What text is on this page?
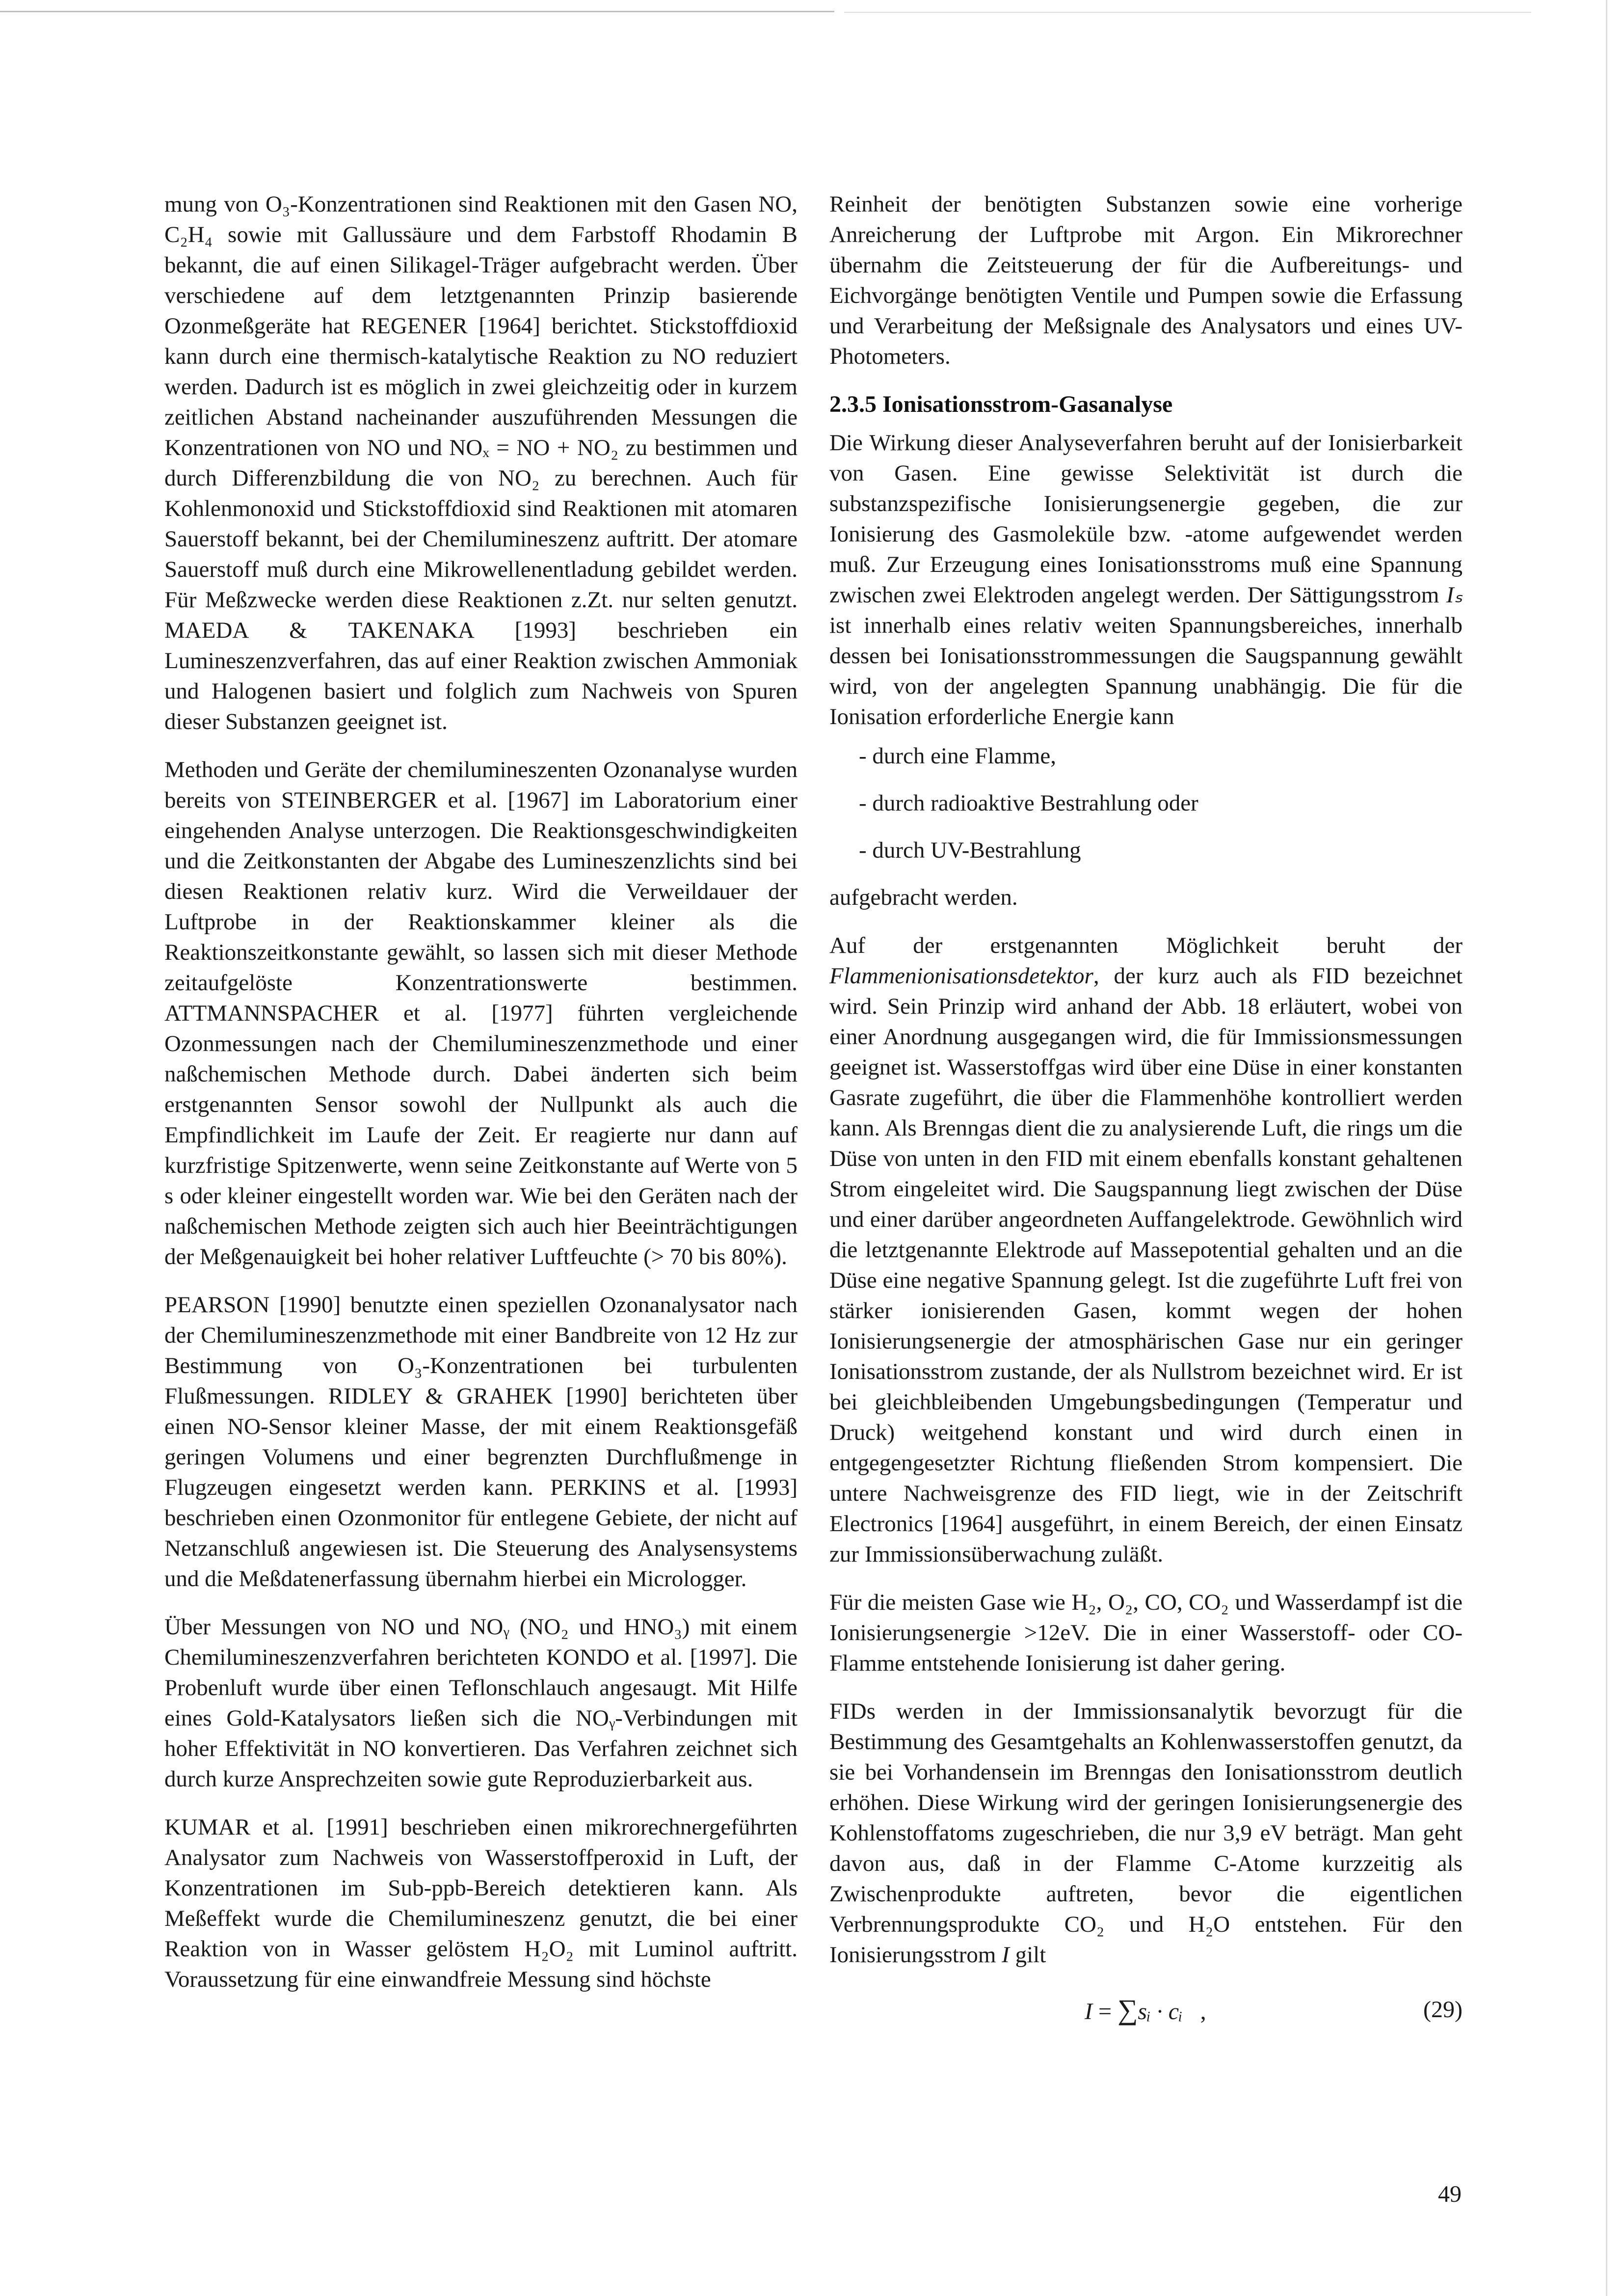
mung von O₃-Konzentrationen sind Reaktionen mit den Gasen NO, C₂H₄ sowie mit Gallussäure und dem Farbstoff Rhodamin B bekannt, die auf einen Silikagel-Träger aufgebracht werden. Über verschiedene auf dem letztgenannten Prinzip basierende Ozonmeßgeräte hat REGENER [1964] berichtet. Stickstoffdioxid kann durch eine thermisch-katalytische Reaktion zu NO reduziert werden. Dadurch ist es möglich in zwei gleichzeitig oder in kurzem zeitlichen Abstand nacheinander auszuführenden Messungen die Konzentrationen von NO und NOₓ = NO + NO₂ zu bestimmen und durch Differenzbildung die von NO₂ zu berechnen. Auch für Kohlenmonoxid und Stickstoffdioxid sind Reaktionen mit atomaren Sauerstoff bekannt, bei der Chemilumineszenz auftritt. Der atomare Sauerstoff muß durch eine Mikrowellenentladung gebildet werden. Für Meßzwecke werden diese Reaktionen z.Zt. nur selten genutzt. MAEDA & TAKENAKA [1993] beschrieben ein Lumineszenzverfahren, das auf einer Reaktion zwischen Ammoniak und Halogenen basiert und folglich zum Nachweis von Spuren dieser Substanzen geeignet ist.

Methoden und Geräte der chemilumineszenten Ozonanalyse wurden bereits von STEINBERGER et al. [1967] im Laboratorium einer eingehenden Analyse unterzogen. Die Reaktionsgeschwindigkeiten und die Zeitkonstanten der Abgabe des Lumineszenzlichts sind bei diesen Reaktionen relativ kurz. Wird die Verweildauer der Luftprobe in der Reaktionskammer kleiner als die Reaktionszeitkonstante gewählt, so lassen sich mit dieser Methode zeitaufgelöste Konzentrationswerte bestimmen. ATTMANNSPACHER et al. [1977] führten vergleichende Ozonmessungen nach der Chemilumineszenzmethode und einer naßchemischen Methode durch. Dabei änderten sich beim erstgenannten Sensor sowohl der Nullpunkt als auch die Empfindlichkeit im Laufe der Zeit. Er reagierte nur dann auf kurzfristige Spitzenwerte, wenn seine Zeitkonstante auf Werte von 5 s oder kleiner eingestellt worden war. Wie bei den Geräten nach der naßchemischen Methode zeigten sich auch hier Beeinträchtigungen der Meßgenauigkeit bei hoher relativer Luftfeuchte (> 70 bis 80%).

PEARSON [1990] benutzte einen speziellen Ozonanalysator nach der Chemilumineszenzmethode mit einer Bandbreite von 12 Hz zur Bestimmung von O₃-Konzentrationen bei turbulenten Flußmessungen. RIDLEY & GRAHEK [1990] berichteten über einen NO-Sensor kleiner Masse, der mit einem Reaktionsgefäß geringen Volumens und einer begrenzten Durchflußmenge in Flugzeugen eingesetzt werden kann. PERKINS et al. [1993] beschrieben einen Ozonmonitor für entlegene Gebiete, der nicht auf Netzanschluß angewiesen ist. Die Steuerung des Analysensystems und die Meßdatenerfassung übernahm hierbei ein Micrologger.

Über Messungen von NO und NOᵧ (NO₂ und HNO₃) mit einem Chemilumineszenzverfahren berichteten KONDO et al. [1997]. Die Probenluft wurde über einen Teflonschlauch angesaugt. Mit Hilfe eines Gold-Katalysators ließen sich die NOᵧ-Verbindungen mit hoher Effektivität in NO konvertieren. Das Verfahren zeichnet sich durch kurze Ansprechzeiten sowie gute Reproduzierbarkeit aus.

KUMAR et al. [1991] beschrieben einen mikrorechnergeführten Analysator zum Nachweis von Wasserstoffperoxid in Luft, der Konzentrationen im Sub-ppb-Bereich detektieren kann. Als Meßeffekt wurde die Chemilumineszenz genutzt, die bei einer Reaktion von in Wasser gelöstem H₂O₂ mit Luminol auftritt. Voraussetzung für eine einwandfreie Messung sind höchste

Reinheit der benötigten Substanzen sowie eine vorherige Anreicherung der Luftprobe mit Argon. Ein Mikrorechner übernahm die Zeitsteuerung der für die Aufbereitungs- und Eichvorgänge benötigten Ventile und Pumpen sowie die Erfassung und Verarbeitung der Meßsignale des Analysators und eines UV-Photometers.

2.3.5 Ionisationsstrom-Gasanalyse

Die Wirkung dieser Analyseverfahren beruht auf der Ionisierbarkeit von Gasen. Eine gewisse Selektivität ist durch die substanzspezifische Ionisierungsenergie gegeben, die zur Ionisierung des Gasmoleküle bzw. -atome aufgewendet werden muß. Zur Erzeugung eines Ionisationsstroms muß eine Spannung zwischen zwei Elektroden angelegt werden. Der Sättigungsstrom Iₛ ist innerhalb eines relativ weiten Spannungsbereiches, innerhalb dessen bei Ionisationsstrommessungen die Saugspannung gewählt wird, von der angelegten Spannung unabhängig. Die für die Ionisation erforderliche Energie kann

- durch eine Flamme,
- durch radioaktive Bestrahlung oder
- durch UV-Bestrahlung

aufgebracht werden.

Auf der erstgenannten Möglichkeit beruht der Flammenionisationsdetektor, der kurz auch als FID bezeichnet wird. Sein Prinzip wird anhand der Abb. 18 erläutert, wobei von einer Anordnung ausgegangen wird, die für Immissionsmessungen geeignet ist. Wasserstoffgas wird über eine Düse in einer konstanten Gasrate zugeführt, die über die Flammenhöhe kontrolliert werden kann. Als Brenngas dient die zu analysierende Luft, die rings um die Düse von unten in den FID mit einem ebenfalls konstant gehaltenen Strom eingeleitet wird. Die Saugspannung liegt zwischen der Düse und einer darüber angeordneten Auffangelektrode. Gewöhnlich wird die letztgenannte Elektrode auf Massepotential gehalten und an die Düse eine negative Spannung gelegt. Ist die zugeführte Luft frei von stärker ionisierenden Gasen, kommt wegen der hohen Ionisierungsenergie der atmosphärischen Gase nur ein geringer Ionisationsstrom zustande, der als Nullstrom bezeichnet wird. Er ist bei gleichbleibenden Umgebungsbedingungen (Temperatur und Druck) weitgehend konstant und wird durch einen in entgegengesetzter Richtung fließenden Strom kompensiert. Die untere Nachweisgrenze des FID liegt, wie in der Zeitschrift Electronics [1964] ausgeführt, in einem Bereich, der einen Einsatz zur Immissionsüberwachung zuläßt.

Für die meisten Gase wie H₂, O₂, CO, CO₂ und Wasserdampf ist die Ionisierungsenergie >12eV. Die in einer Wasserstoff- oder CO-Flamme entstehende Ionisierung ist daher gering.

FIDs werden in der Immissionsanalytik bevorzugt für die Bestimmung des Gesamtgehalts an Kohlenwasserstoffen genutzt, da sie bei Vorhandensein im Brenngas den Ionisationsstrom deutlich erhöhen. Diese Wirkung wird der geringen Ionisierungsenergie des Kohlenstoffatoms zugeschrieben, die nur 3,9 eV beträgt. Man geht davon aus, daß in der Flamme C-Atome kurzzeitig als Zwischenprodukte auftreten, bevor die eigentlichen Verbrennungsprodukte CO₂ und H₂O entstehen. Für den Ionisierungsstrom I gilt

I = ∑sᵢ · cᵢ ,	(29)
49
